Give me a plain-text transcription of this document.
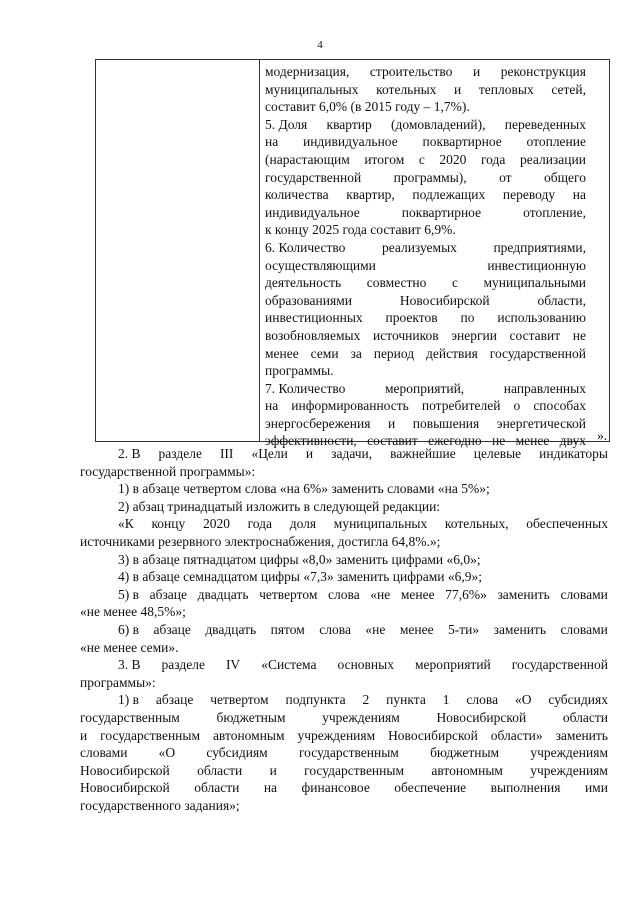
4
модернизация, строительство и реконструкция
муниципальных котельных и тепловых сетей,
составит 6,0% (в 2015 году – 1,7%).
5. Доля квартир (домовладений), переведенных
на индивидуальное поквартирное отопление
(нарастающим итогом с 2020 года реализации
государственной программы), от общего
количества квартир, подлежащих переводу на
индивидуальное	поквартирное	отопление,
к концу 2025 года составит 6,9%.
6. Количество	реализуемых	предприятиями,
осуществляющими	инвестиционную
деятельность совместно с муниципальными
образованиями	Новосибирской	области,
инвестиционных проектов по использованию
возобновляемых источников энергии составит не
менее семи за период действия государственной
программы.
7. Количество	мероприятий,	направленных
на информированность потребителей о способах
энергосбережения и повышения энергетической
эффективности, составит ежегодно не менее двух ».
2. В разделе III «Цели и задачи, важнейшие целевые индикаторы
государственной программы»:
1) в абзаце четвертом слова «на 6%» заменить словами «на 5%»;
2) абзац тринадцатый изложить в следующей редакции:
«К концу 2020 года доля муниципальных котельных, обеспеченных
источниками резервного электроснабжения, достигла 64,8%.»;
3) в абзаце пятнадцатом цифры «8,0» заменить цифрами «6,0»;
4) в абзаце семнадцатом цифры «7,3» заменить цифрами «6,9»;
5) в абзаце двадцать четвертом слова «не менее 77,6%» заменить словами
«не менее 48,5%»;
6) в абзаце двадцать пятом слова «не менее 5-ти» заменить словами
«не менее семи».
3. В разделе IV «Система основных мероприятий государственной
программы»:
1) в абзаце четвертом подпункта 2 пункта 1 слова «О субсидиях
государственным	бюджетным	учреждениям	Новосибирской	области
и государственным автономным учреждениям Новосибирской области» заменить
словами «О субсидиям государственным бюджетным учреждениям
Новосибирской области и государственным автономным учреждениям
Новосибирской области на финансовое обеспечение выполнения ими
государственного задания»;
